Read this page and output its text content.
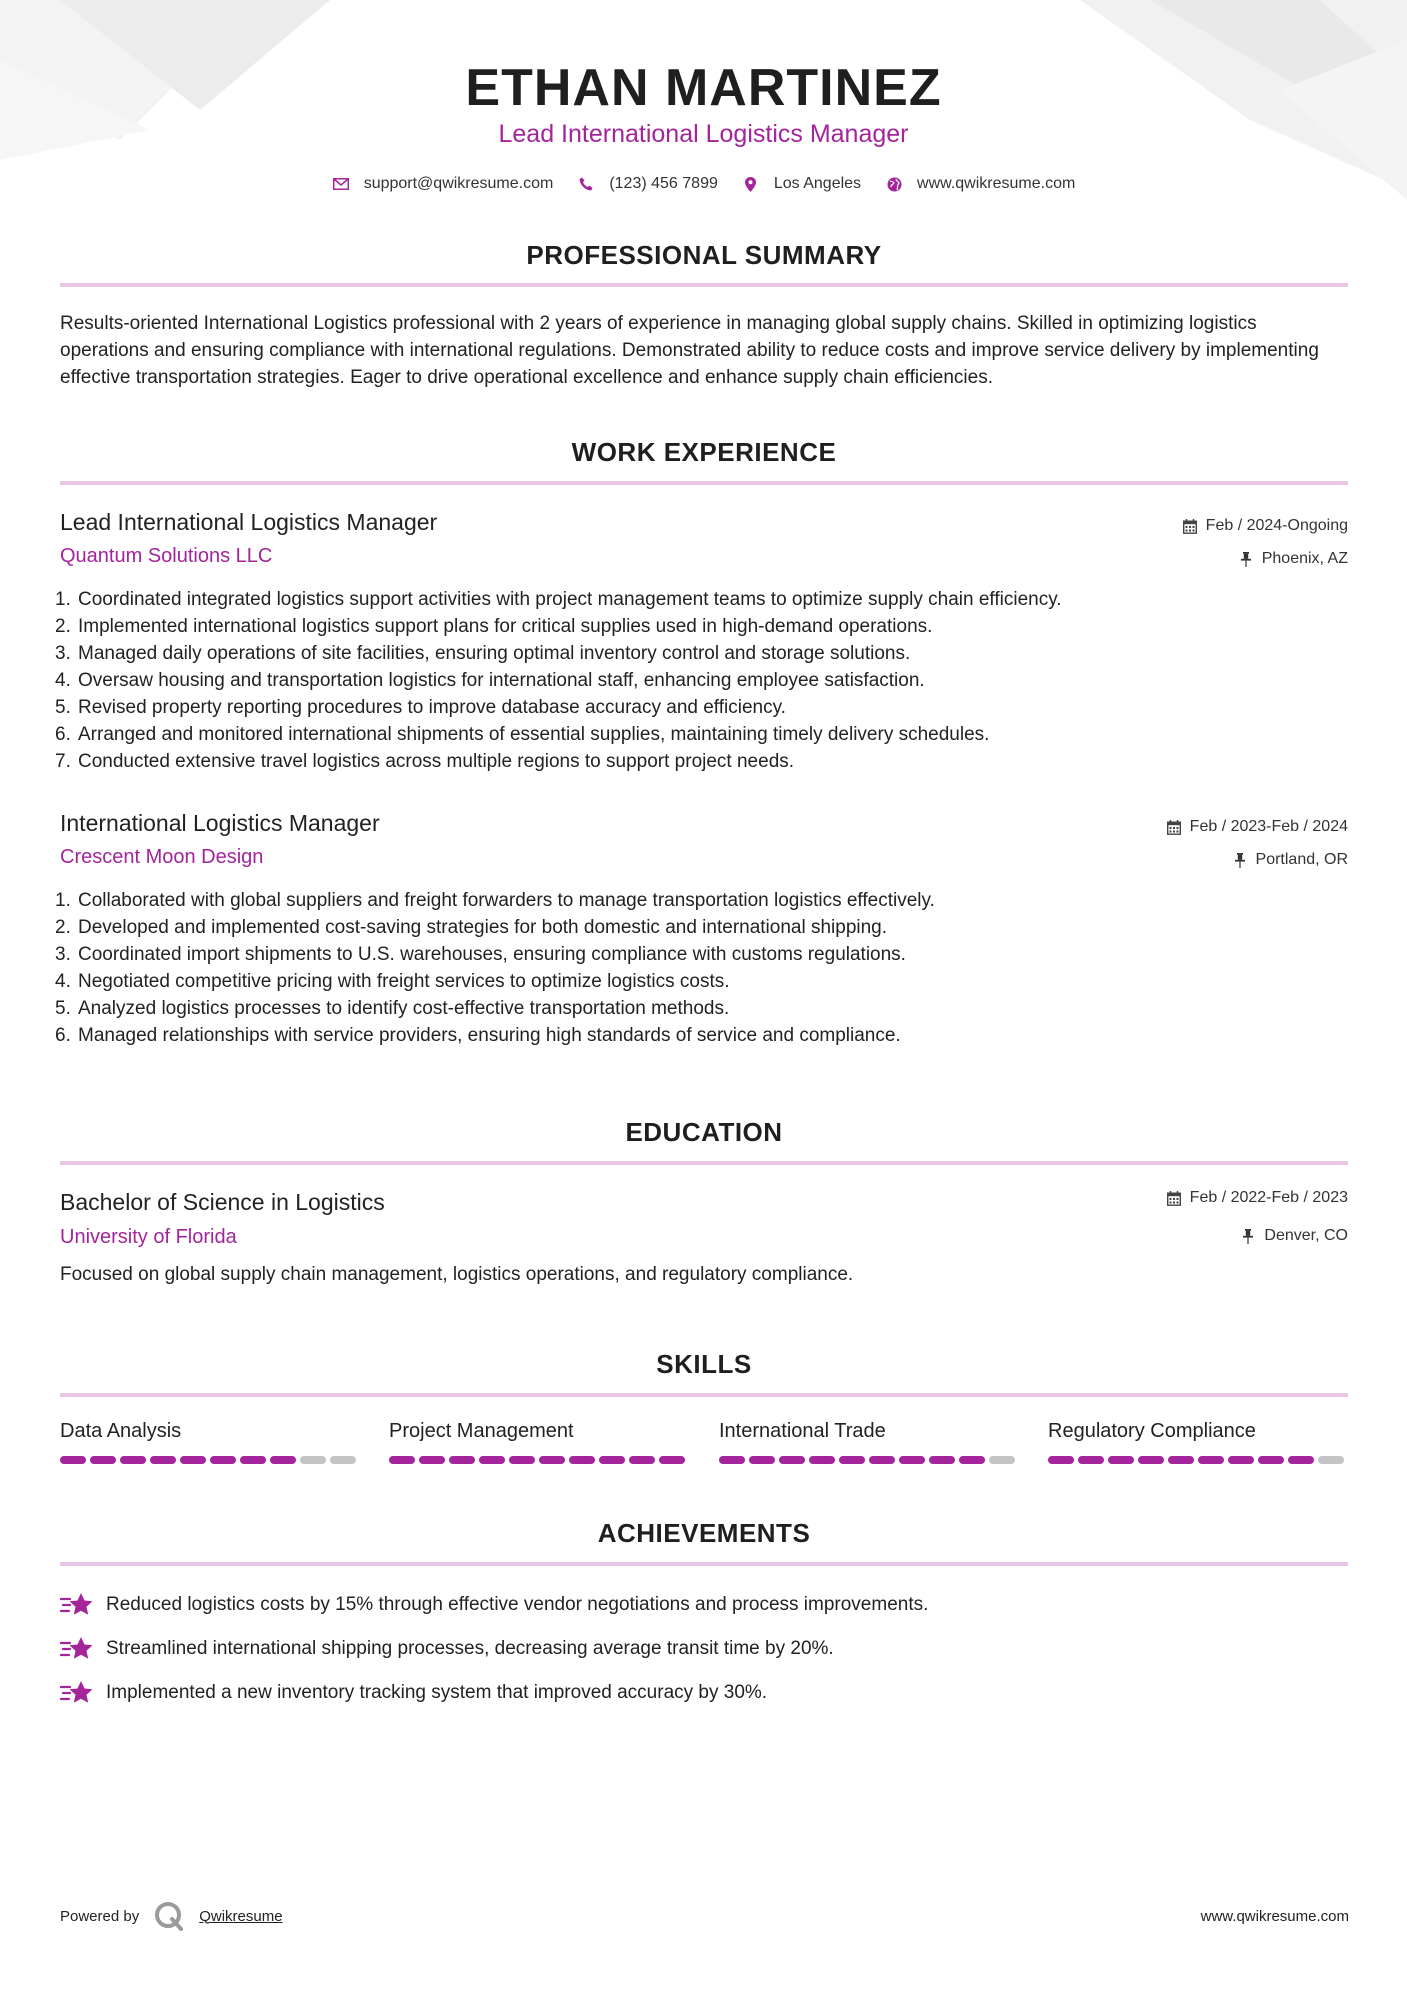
ETHAN MARTINEZ
Lead International Logistics Manager
support@qwikresume.com	(123) 456 7899	Los Angeles	www.qwikresume.com
PROFESSIONAL SUMMARY
Results-oriented International Logistics professional with 2 years of experience in managing global supply chains. Skilled in optimizing logistics operations and ensuring compliance with international regulations. Demonstrated ability to reduce costs and improve service delivery by implementing effective transportation strategies. Eager to drive operational excellence and enhance supply chain efficiencies.
WORK EXPERIENCE
Lead International Logistics Manager
Quantum Solutions LLC
Feb / 2024-Ongoing
Phoenix, AZ
1. Coordinated integrated logistics support activities with project management teams to optimize supply chain efficiency.
2. Implemented international logistics support plans for critical supplies used in high-demand operations.
3. Managed daily operations of site facilities, ensuring optimal inventory control and storage solutions.
4. Oversaw housing and transportation logistics for international staff, enhancing employee satisfaction.
5. Revised property reporting procedures to improve database accuracy and efficiency.
6. Arranged and monitored international shipments of essential supplies, maintaining timely delivery schedules.
7. Conducted extensive travel logistics across multiple regions to support project needs.
International Logistics Manager
Crescent Moon Design
Feb / 2023-Feb / 2024
Portland, OR
1. Collaborated with global suppliers and freight forwarders to manage transportation logistics effectively.
2. Developed and implemented cost-saving strategies for both domestic and international shipping.
3. Coordinated import shipments to U.S. warehouses, ensuring compliance with customs regulations.
4. Negotiated competitive pricing with freight services to optimize logistics costs.
5. Analyzed logistics processes to identify cost-effective transportation methods.
6. Managed relationships with service providers, ensuring high standards of service and compliance.
EDUCATION
Bachelor of Science in Logistics
University of Florida
Feb / 2022-Feb / 2023
Denver, CO
Focused on global supply chain management, logistics operations, and regulatory compliance.
SKILLS
Data Analysis	Project Management	International Trade	Regulatory Compliance
ACHIEVEMENTS
Reduced logistics costs by 15% through effective vendor negotiations and process improvements.
Streamlined international shipping processes, decreasing average transit time by 20%.
Implemented a new inventory tracking system that improved accuracy by 30%.
Powered by	Qwikresume	www.qwikresume.com
